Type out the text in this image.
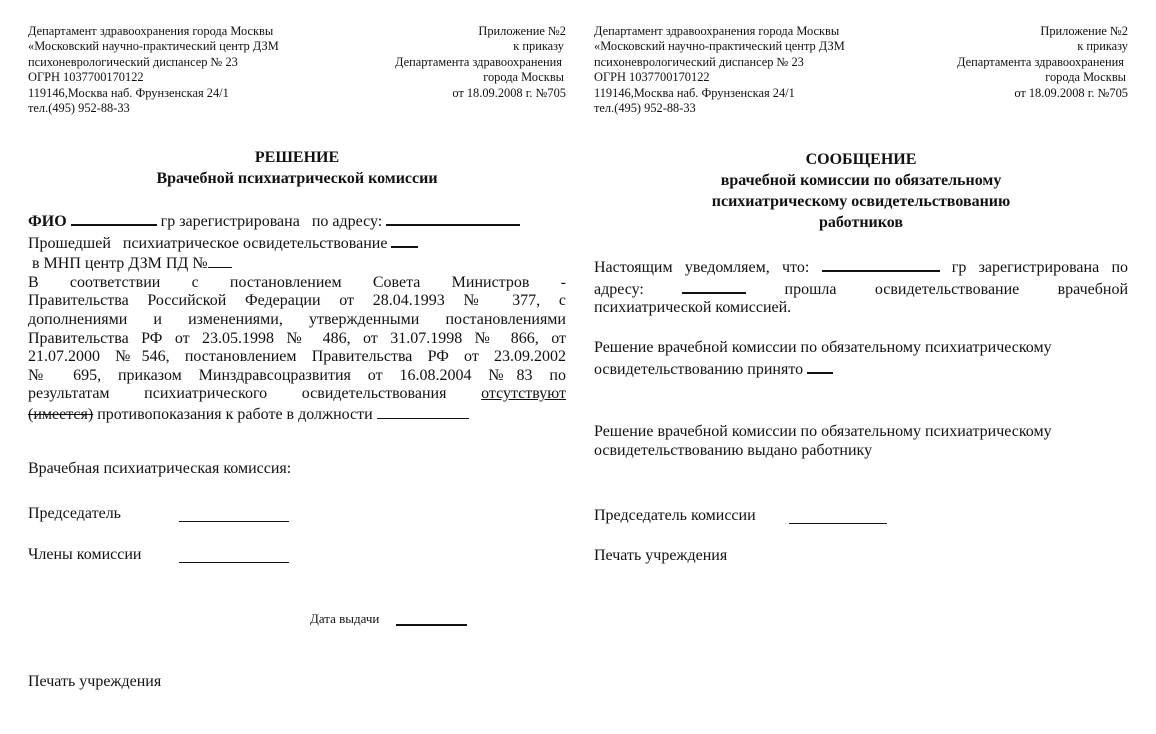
Департамент здравоохранения города Москвы
«Московский научно-практический центр ДЗМ
психоневрологический диспансер № 23
ОГРН 1037700170122
119146,Москва наб. Фрунзенская 24/1
тел.(495) 952-88-33
Приложение №2
к приказу
Департамента здравоохранения
города Москвы
от 18.09.2008 г. №705
РЕШЕНИЕ
Врачебной психиатрической комиссии
ФИО	гр зарегистрирована   по адресу:
Прошедшей   психиатрическое освидетельствование
в МНП центр ДЗМ ПД №
В соответствии с постановлением Совета Министров -
Правительства Российской Федерации от 28.04.1993 № 377, с
дополнениями и изменениями, утвержденными постановлениями
Правительства РФ от 23.05.1998 № 486, от 31.07.1998 № 866, от
21.07.2000 №546, постановлением Правительства РФ от 23.09.2002
№ 695, приказом Минздравсоцразвития от 16.08.2004 №83 по
результатам психиатрического освидетельствования отсутствуют
(имеется) противопоказания к работе в должности
Врачебная психиатрическая комиссия:
Председатель
Члены комиссии
Дата выдачи
Печать учреждения
Департамент здравоохранения города Москвы
«Московский научно-практический центр ДЗМ
психоневрологический диспансер № 23
ОГРН 1037700170122
119146,Москва наб. Фрунзенская 24/1
тел.(495) 952-88-33
Приложение №2
к приказу
Департамента здравоохранения
города Москвы
от 18.09.2008 г. №705
СООБЩЕНИЕ
врачебной комиссии по обязательному
психиатрическому освидетельствованию
работников
Настоящим уведомляем, что:	гр зарегистрирована по
адресу:	прошла освидетельствование врачебной
психиатрической комиссией.
Решение врачебной комиссии по обязательному психиатрическому
освидетельствованию принято
Решение врачебной комиссии по обязательному психиатрическому
освидетельствованию выдано работнику
Председатель комиссии
Печать учреждения
